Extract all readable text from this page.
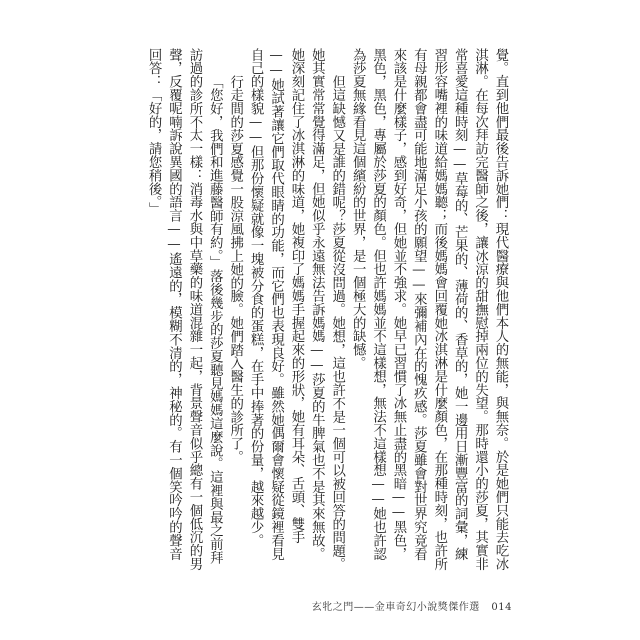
覺。直到他們最後告訴她們：現代醫療與他們本人的無能，與無奈。於是她們只能去吃冰淇淋。在每次拜訪完醫師之後，讓冰涼的甜撫慰掉兩位的失望。那時還小的莎夏，其實非常喜愛這種時刻——草莓的、芒果的、薄荷的、香草的，她一邊用日漸豐富的詞彙，練習形容嘴裡的味道給媽媽聽；而後媽媽會回覆她冰淇淋是什麼顏色，在那種時刻，也許所有母親都會盡可能地滿足小孩的願望——來彌補內在的愧疚感。莎夏雖會對世界究竟看來該是什麼樣子，感到好奇，但她並不強求。她早已習慣了冰無止盡的黑暗——黑色，黑色，黑色，專屬於莎夏的顏色。但也許媽媽並不這樣想，無法不這樣想——她也許認為莎夏無緣看見這個繽紛的世界，是一個極大的缺憾。

但這缺憾又是誰的錯呢？莎夏從沒問過。她想，這也許不是一個可以被回答的問題。她其實常常覺得滿足，但她似乎永遠無法告訴媽媽——莎夏的牛脾氣也不是其來無故。她深刻記住了冰淇淋的味道，她複印了媽媽手握起來的形狀，她有耳朵、舌頭、雙手——她試著讓它們取代眼睛的功能，而它們也表現良好。雖然她偶爾會懷疑從鏡裡看見自己的樣貌——但那份懷疑就像一塊被分食的蛋糕，在手中捧著的份量，越來越少。

行走間的莎夏感覺一股涼風拂上她的臉。她們踏入醫生的診所了。

「您好，我們和進藤醫師有約。」落後幾步的莎夏聽見媽媽這麼說。這裡與最之前拜訪過的診所不太一樣：消毒水與中草藥的味道混雜一起，背景聲音似乎總有一個低沉的男聲，反覆呢喃訴說異國的語言——遙遠的，模糊不清的，神秘的。有一個笑吟吟的聲音回答：「好的，請您稍後。」

玄牝之門——金車奇幻小說獎傑作選 014
